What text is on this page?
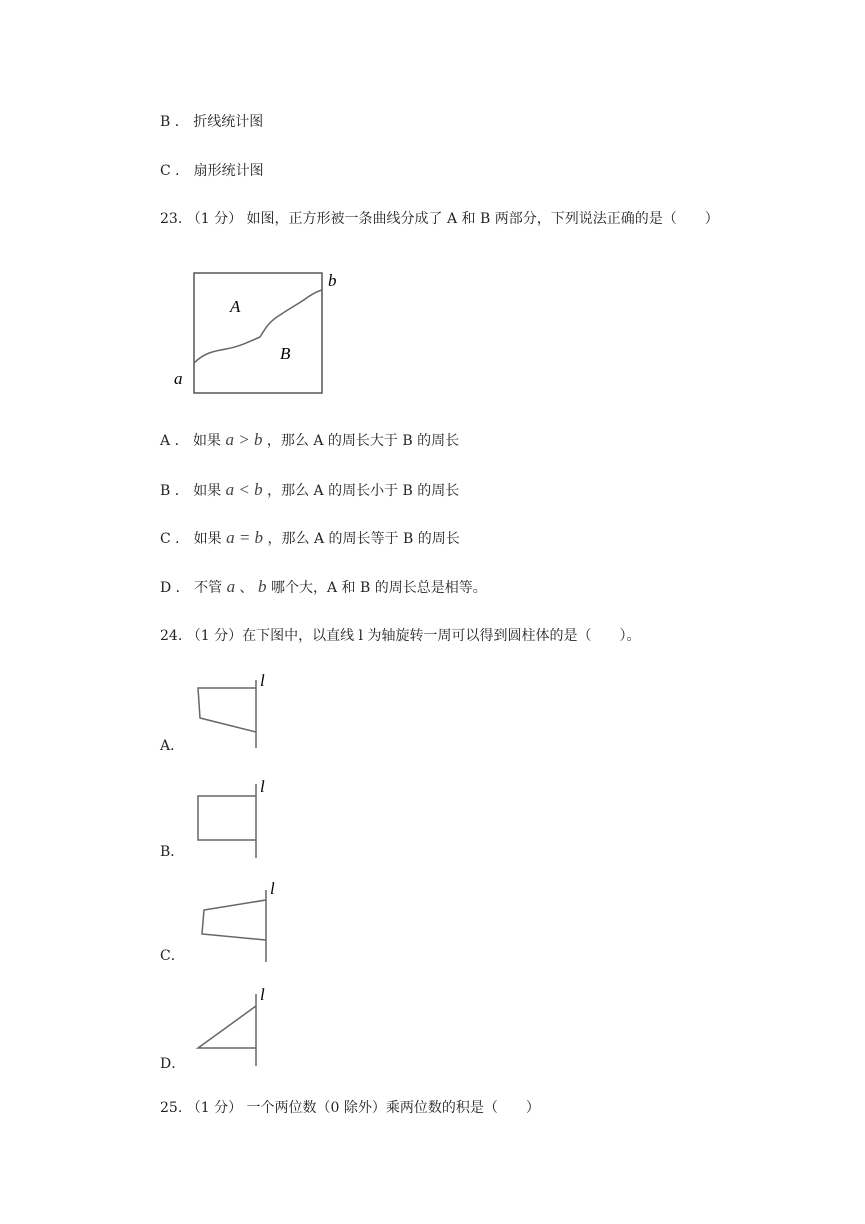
B ． 折线统计图
C ． 扇形统计图
23. （1 分） 如图，正方形被一条曲线分成了 A 和 B 两部分，下列说法正确的是（　　）
A
B
a
b
A ． 如果 a > b ，那么 A 的周长大于 B 的周长
B ． 如果 a < b ，那么 A 的周长小于 B 的周长
C ． 如果 a = b ，那么 A 的周长等于 B 的周长
D ． 不管 a 、 b 哪个大，A 和 B 的周长总是相等。
24. （1 分）在下图中，以直线 l 为轴旋转一周可以得到圆柱体的是（　　）。
A．
l
B．
l
C．
l
D．
l
25. （1 分） 一个两位数（0 除外）乘两位数的积是（　　）
